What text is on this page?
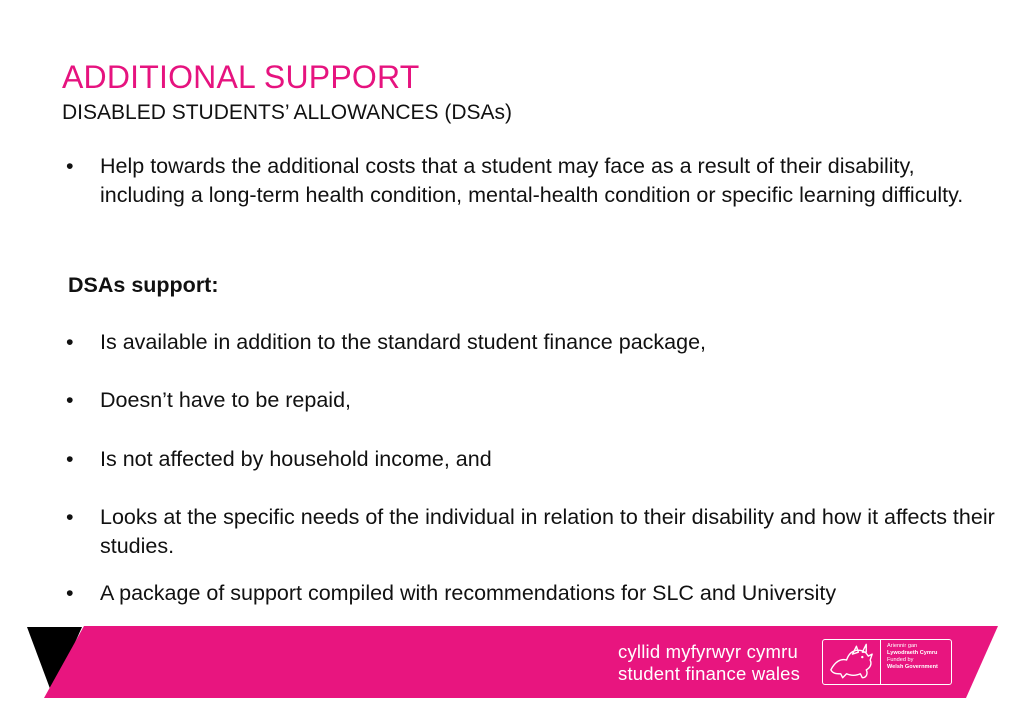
ADDITIONAL SUPPORT
DISABLED STUDENTS’ ALLOWANCES (DSAs)
•	Help towards the additional costs that a student may face as a result of their disability, including a long-term health condition, mental-health condition or specific learning difficulty.
DSAs support:
•	Is available in addition to the standard student finance package,
•	Doesn’t have to be repaid,
•	Is not affected by household income, and
•	Looks at the specific needs of the individual in relation to their disability and how it affects their studies.
•	A package of support compiled with recommendations for SLC and University
cyllid myfyrwyr cymru
student finance wales
Ariennir gan
Lywodraeth Cymru
Funded by
Welsh Government
